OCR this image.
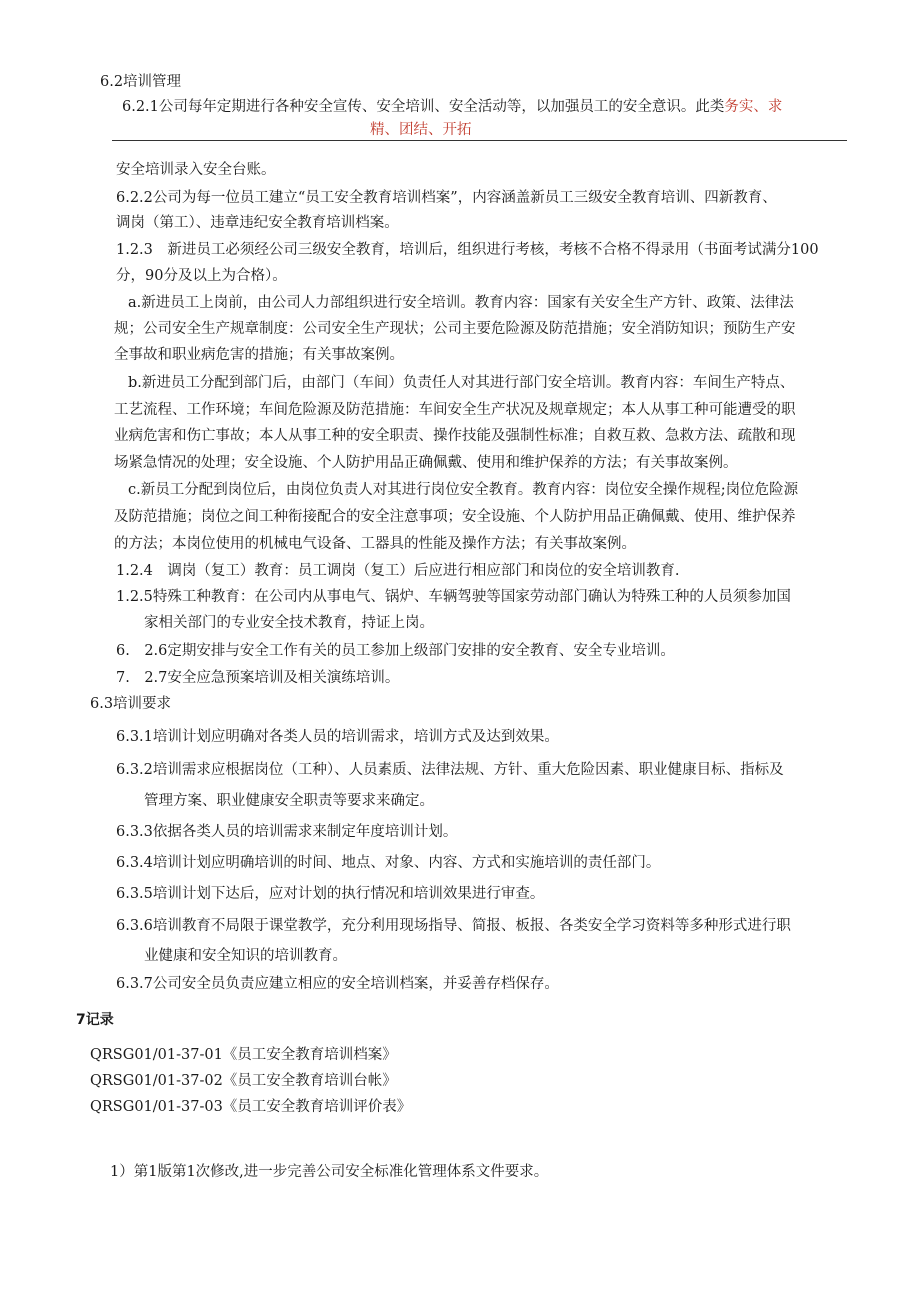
6.2培训管理
6.2.1公司每年定期进行各种安全宣传、安全培训、安全活动等，以加强员工的安全意识。此类务实、求
精、团结、开拓
安全培训录入安全台账。
6.2.2公司为每一位员工建立“员工安全教育培训档案”，内容涵盖新员工三级安全教育培训、四新教育、
调岗（第工）、违章违纪安全教育培训档案。
1.2.3　新进员工必须经公司三级安全教育，培训后，组织进行考核，考核不合格不得录用（书面考试满分100
分，90分及以上为合格）。
a.新进员工上岗前，由公司人力部组织进行安全培训。教育内容：国家有关安全生产方针、政策、法律法
规；公司安全生产规章制度：公司安全生产现状；公司主要危险源及防范措施；安全消防知识；预防生产安
全事故和职业病危害的措施；有关事故案例。
b.新进员工分配到部门后，由部门（车间）负责任人对其进行部门安全培训。教育内容：车间生产特点、
工艺流程、工作环境；车间危险源及防范措施：车间安全生产状况及规章规定；本人从事工种可能遭受的职
业病危害和伤亡事故；本人从事工种的安全职责、操作技能及强制性标准；自救互救、急救方法、疏散和现
场紧急情况的处理；安全设施、个人防护用品正确佩戴、使用和维护保养的方法；有关事故案例。
c.新员工分配到岗位后，由岗位负责人对其进行岗位安全教育。教育内容：岗位安全操作规程;岗位危险源
及防范措施；岗位之间工种衔接配合的安全注意事项；安全设施、个人防护用品正确佩戴、使用、维护保养
的方法；本岗位使用的机械电气设备、工器具的性能及操作方法；有关事故案例。
1.2.4　调岗（复工）教育：员工调岗（复工）后应进行相应部门和岗位的安全培训教育.
1.2.5特殊工种教育：在公司内从事电气、锅炉、车辆驾驶等国家劳动部门确认为特殊工种的人员须参加国
家相关部门的专业安全技术教育，持证上岗。
6.　2.6定期安排与安全工作有关的员工参加上级部门安排的安全教育、安全专业培训。
7.　2.7安全应急预案培训及相关演练培训。
6.3培训要求
6.3.1培训计划应明确对各类人员的培训需求，培训方式及达到效果。
6.3.2培训需求应根据岗位（工种）、人员素质、法律法规、方针、重大危险因素、职业健康目标、指标及
管理方案、职业健康安全职责等要求来确定。
6.3.3依据各类人员的培训需求来制定年度培训计划。
6.3.4培训计划应明确培训的时间、地点、对象、内容、方式和实施培训的责任部门。
6.3.5培训计划下达后，应对计划的执行情况和培训效果进行审查。
6.3.6培训教育不局限于课堂教学，充分利用现场指导、简报、板报、各类安全学习资料等多种形式进行职
业健康和安全知识的培训教育。
6.3.7公司安全员负责应建立相应的安全培训档案，并妥善存档保存。
7记录
QRSG01/01-37-01《员工安全教育培训档案》
QRSG01/01-37-02《员工安全教育培训台帐》
QRSG01/01-37-03《员工安全教育培训评价表》
1）第1版第1次修改,进一步完善公司安全标准化管理体系文件要求。
